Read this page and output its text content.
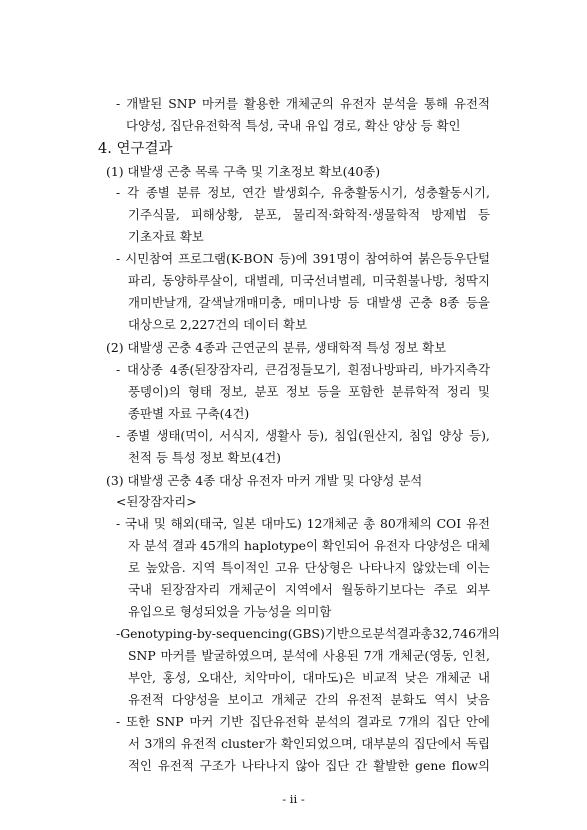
- 개발된 SNP 마커를 활용한 개체군의 유전자 분석을 통해 유전적
다양성, 집단유전학적 특성, 국내 유입 경로, 확산 양상 등 확인
4. 연구결과
(1) 대발생 곤충 목록 구축 및 기초정보 확보(40종)
- 각 종별 분류 정보, 연간 발생회수, 유충활동시기, 성충활동시기,
기주식물, 피해상황, 분포, 물리적·화학적·생물학적 방제법 등
기초자료 확보
- 시민참여 프로그램(K-BON 등)에 391명이 참여하여 붉은등우단털
파리, 동양하루살이, 대벌레, 미국선녀벌레, 미국흰불나방, 청딱지
개미반날개, 갈색날개매미충, 매미나방 등 대발생 곤충 8종 등을
대상으로 2,227건의 데이터 확보
(2) 대발생 곤충 4종과 근연군의 분류, 생태학적 특성 정보 확보
- 대상종 4종(된장잠자리, 큰검정들모기, 흰점나방파리, 바가지측각
풍뎅이)의 형태 정보, 분포 정보 등을 포함한 분류학적 정리 및
종판별 자료 구축(4건)
- 종별 생태(먹이, 서식지, 생활사 등), 침입(원산지, 침입 양상 등),
천적 등 특성 정보 확보(4건)
(3) 대발생 곤충 4종 대상 유전자 마커 개발 및 다양성 분석
<된장잠자리>
- 국내 및 해외(태국, 일본 대마도) 12개체군 총 80개체의 COI 유전
자 분석 결과 45개의 haplotype이 확인되어 유전자 다양성은 대체
로 높았음. 지역 특이적인 고유 단상형은 나타나지 않았는데 이는
국내 된장잠자리 개체군이 지역에서 월동하기보다는 주로 외부
유입으로 형성되었을 가능성을 의미함
- Genotyping-by-sequencing (GBS) 기반으로 분석 결과 총 32,746개의
SNP 마커를 발굴하였으며, 분석에 사용된 7개 개체군(영동, 인천,
부안, 홍성, 오대산, 치악마이, 대마도)은 비교적 낮은 개체군 내
유전적 다양성을 보이고 개체군 간의 유전적 분화도 역시 낮음
- 또한 SNP 마커 기반 집단유전학 분석의 결과로 7개의 집단 안에
서 3개의 유전적 cluster가 확인되었으며, 대부분의 집단에서 독립
적인 유전적 구조가 나타나지 않아 집단 간 활발한 gene flow의
- ii -
